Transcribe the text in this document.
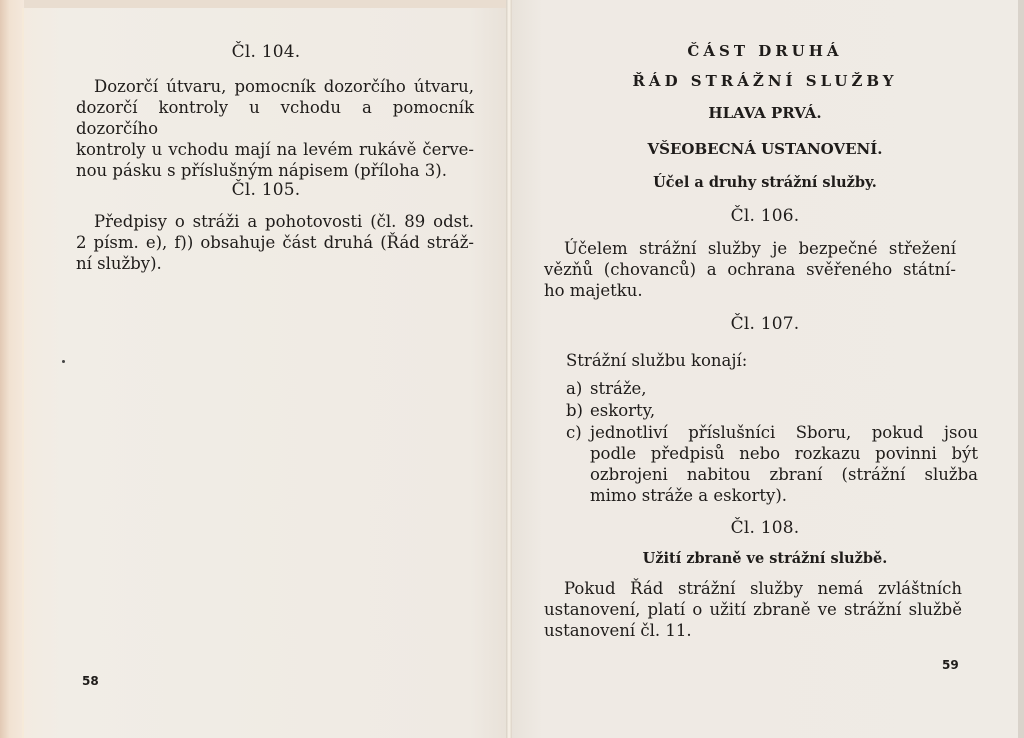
Čl. 104.
Dozorčí útvaru, pomocník dozorčího útvaru,
dozorčí kontroly u vchodu a pomocník dozorčího
kontroly u vchodu mají na levém rukávě červe-
nou pásku s příslušným nápisem (příloha 3).
Čl. 105.
Předpisy o stráži a pohotovosti (čl. 89 odst.
2 písm. e), f)) obsahuje část druhá (Řád stráž-
ní služby).
58
ČÁST DRUHÁ
ŘÁD STRÁŽNÍ SLUŽBY
HLAVA PRVÁ.
VŠEOBECNÁ USTANOVENÍ.
Účel a druhy strážní služby.
Čl. 106.
Účelem strážní služby je bezpečné střežení
vězňů (chovanců) a ochrana svěřeného státní-
ho majetku.
Čl. 107.
Strážní službu konají:
a) stráže,
b) eskorty,
c) jednotliví příslušníci Sboru, pokud jsou
podle předpisů nebo rozkazu povinni být
ozbrojeni nabitou zbraní (strážní služba
mimo stráže a eskorty).
Čl. 108.
Užití zbraně ve strážní službě.
Pokud Řád strážní služby nemá zvláštních
ustanovení, platí o užití zbraně ve strážní službě
ustanovení čl. 11.
59
